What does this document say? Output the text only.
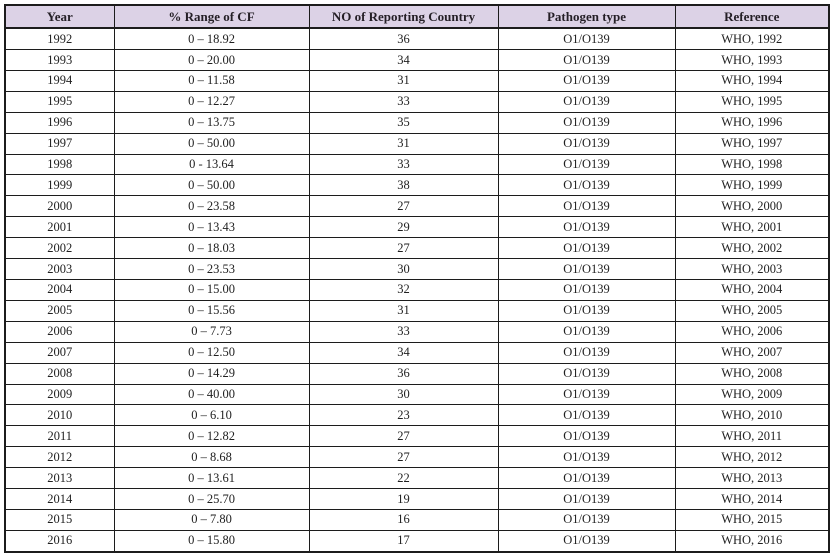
Year	% Range of CF	NO of Reporting Country	Pathogen type	Reference
1992	0 – 18.92	36	O1/O139	WHO, 1992
1993	0 – 20.00	34	O1/O139	WHO, 1993
1994	0 – 11.58	31	O1/O139	WHO, 1994
1995	0 – 12.27	33	O1/O139	WHO, 1995
1996	0 – 13.75	35	O1/O139	WHO, 1996
1997	0 – 50.00	31	O1/O139	WHO, 1997
1998	0 - 13.64	33	O1/O139	WHO, 1998
1999	0 – 50.00	38	O1/O139	WHO, 1999
2000	0 – 23.58	27	O1/O139	WHO, 2000
2001	0 – 13.43	29	O1/O139	WHO, 2001
2002	0 – 18.03	27	O1/O139	WHO, 2002
2003	0 – 23.53	30	O1/O139	WHO, 2003
2004	0 – 15.00	32	O1/O139	WHO, 2004
2005	0 – 15.56	31	O1/O139	WHO, 2005
2006	0 – 7.73	33	O1/O139	WHO, 2006
2007	0 – 12.50	34	O1/O139	WHO, 2007
2008	0 – 14.29	36	O1/O139	WHO, 2008
2009	0 – 40.00	30	O1/O139	WHO, 2009
2010	0 – 6.10	23	O1/O139	WHO, 2010
2011	0 – 12.82	27	O1/O139	WHO, 2011
2012	0 – 8.68	27	O1/O139	WHO, 2012
2013	0 – 13.61	22	O1/O139	WHO, 2013
2014	0 – 25.70	19	O1/O139	WHO, 2014
2015	0 – 7.80	16	O1/O139	WHO, 2015
2016	0 – 15.80	17	O1/O139	WHO, 2016
